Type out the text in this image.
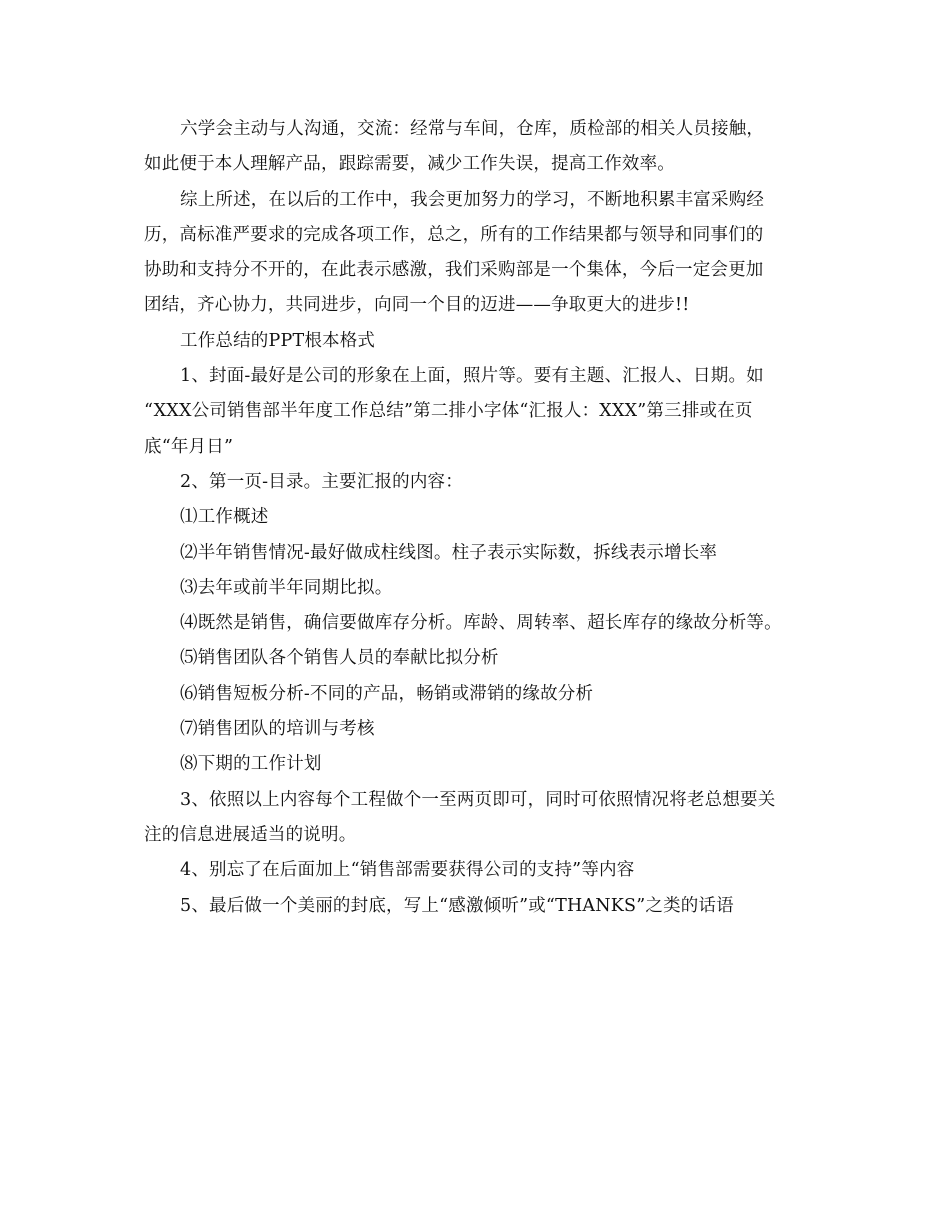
六学会主动与人沟通，交流：经常与车间，仓库，质检部的相关人员接触，
如此便于本人理解产品，跟踪需要，减少工作失误，提高工作效率。
综上所述，在以后的工作中，我会更加努力的学习，不断地积累丰富采购经
历，高标准严要求的完成各项工作，总之，所有的工作结果都与领导和同事们的
协助和支持分不开的，在此表示感激，我们采购部是一个集体，今后一定会更加
团结，齐心协力，共同进步，向同一个目的迈进——争取更大的进步!!
工作总结的PPT根本格式
1、封面-最好是公司的形象在上面，照片等。要有主题、汇报人、日期。如
“XXX公司销售部半年度工作总结”第二排小字体“汇报人：XXX”第三排或在页
底“年月日”
2、第一页-目录。主要汇报的内容：
⑴工作概述
⑵半年销售情况-最好做成柱线图。柱子表示实际数，拆线表示增长率
⑶去年或前半年同期比拟。
⑷既然是销售，确信要做库存分析。库龄、周转率、超长库存的缘故分析等。
⑸销售团队各个销售人员的奉献比拟分析
⑹销售短板分析-不同的产品，畅销或滞销的缘故分析
⑺销售团队的培训与考核
⑻下期的工作计划
3、依照以上内容每个工程做个一至两页即可，同时可依照情况将老总想要关
注的信息进展适当的说明。
4、别忘了在后面加上“销售部需要获得公司的支持”等内容
5、最后做一个美丽的封底，写上“感激倾听”或“THANKS”之类的话语
